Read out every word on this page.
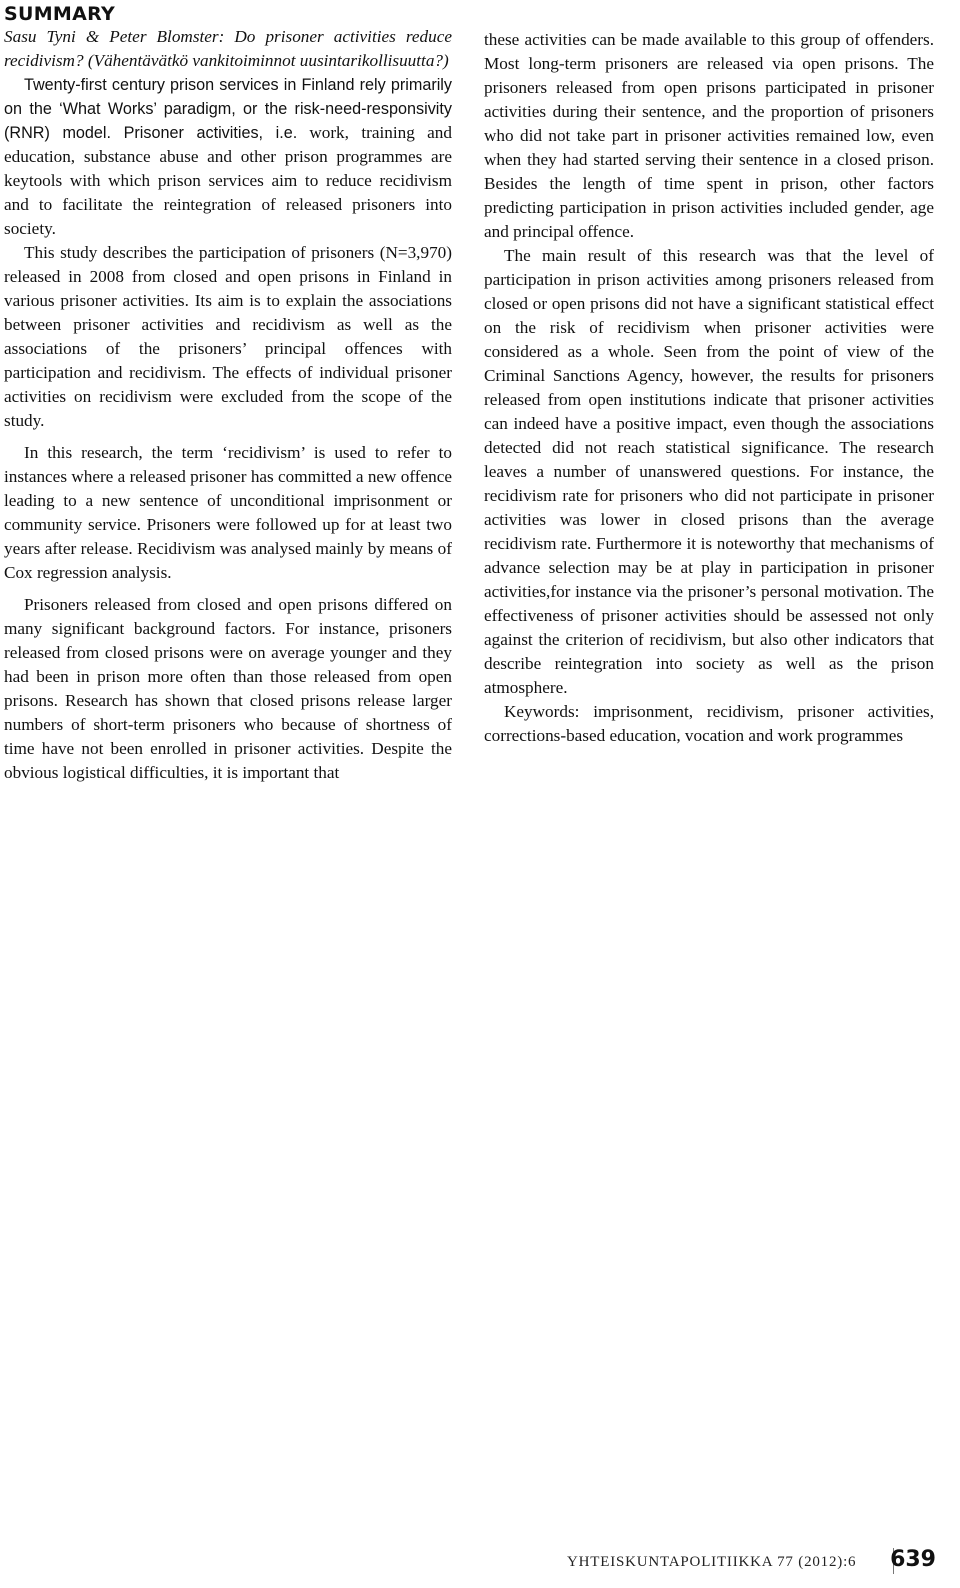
SUMMARY

Sasu Tyni & Peter Blomster: Do prisoner activities reduce recidivism? (Vähentävätkö vankitoiminnot uusintarikollisuutta?)

Twenty-first century prison services in Finland rely primarily on the ‘What Works’ paradigm, or the risk-need-responsivity (RNR) model. Prisoner activities, i.e. work, training and education, substance abuse and other prison programmes are keytools with which prison services aim to reduce recidivism and to facilitate the reintegration of released prisoners into society.

This study describes the participation of prisoners (N=3,970) released in 2008 from closed and open prisons in Finland in various prisoner activities. Its aim is to explain the associations between prisoner activities and recidivism as well as the associations of the prisoners’ principal offences with participation and recidivism. The effects of individual prisoner activities on recidivism were excluded from the scope of the study.

In this research, the term ‘recidivism’ is used to refer to instances where a released prisoner has committed a new offence leading to a new sentence of unconditional imprisonment or community service. Prisoners were followed up for at least two years after release. Recidivism was analysed mainly by means of Cox regression analysis.

Prisoners released from closed and open prisons differed on many significant background factors. For instance, prisoners released from closed prisons were on average younger and they had been in prison more often than those released from open prisons. Research has shown that closed prisons release larger numbers of short-term prisoners who because of shortness of time have not been enrolled in prisoner activities. Despite the obvious logistical difficulties, it is important that

these activities can be made available to this group of offenders. Most long-term prisoners are released via open prisons. The prisoners released from open prisons participated in prisoner activities during their sentence, and the proportion of prisoners who did not take part in prisoner activities remained low, even when they had started serving their sentence in a closed prison. Besides the length of time spent in prison, other factors predicting participation in prison activities included gender, age and principal offence.

The main result of this research was that the level of participation in prison activities among prisoners released from closed or open prisons did not have a significant statistical effect on the risk of recidivism when prisoner activities were considered as a whole. Seen from the point of view of the Criminal Sanctions Agency, however, the results for prisoners released from open institutions indicate that prisoner activities can indeed have a positive impact, even though the associations detected did not reach statistical significance. The research leaves a number of unanswered questions. For instance, the recidivism rate for prisoners who did not participate in prisoner activities was lower in closed prisons than the average recidivism rate. Furthermore it is noteworthy that mechanisms of advance selection may be at play in participation in prisoner activities,for instance via the prisoner’s personal motivation. The effectiveness of prisoner activities should be assessed not only against the criterion of recidivism, but also other indicators that describe reintegration into society as well as the prison atmosphere.

Keywords: imprisonment, recidivism, prisoner activities, corrections-based education, vocation and work programmes

YHTEISKUNTAPOLITIIKKA 77 (2012):6 639
